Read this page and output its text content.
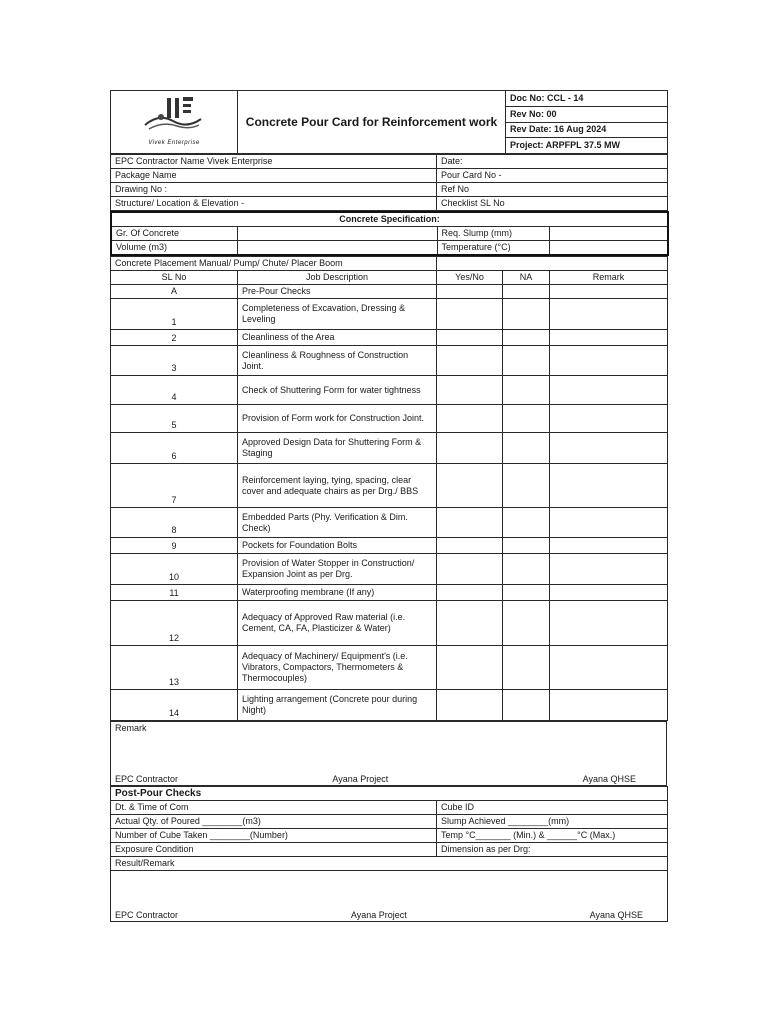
Vivek Enterprise
	Concrete Pour Card for Reinforcement work	Doc No: CCL - 14
Rev No: 00
Rev Date: 16 Aug 2024
Project: ARPFPL 37.5 MW
EPC Contractor Name Vivek Enterprise	Date:
Package Name	Pour Card No -
Drawing No :	Ref No
Structure/ Location & Elevation -	Checklist SL No
Concrete Specification:			
Gr. Of Concrete		Req. Slump (mm)	
Volume (m3)		Temperature (°C)	
Concrete Placement Manual/ Pump/ Chute/ Placer Boom				
SL No	Job Description	Yes/No	NA	Remark
A	Pre-Pour Checks			
1	Completeness of Excavation, Dressing & Leveling			
2	Cleanliness of the Area			
3	Cleanliness & Roughness of Construction Joint.			
4	Check of Shuttering Form for water tightness			
5	Provision of Form work for Construction Joint.			
6	Approved Design Data for Shuttering Form & Staging			
7	Reinforcement laying, tying, spacing, clear cover and adequate chairs as per Drg./ BBS			
8	Embedded Parts (Phy. Verification & Dim. Check)			
9	Pockets for Foundation Bolts			
10	Provision of Water Stopper in Construction/ Expansion Joint as per Drg.			
11	Waterproofing membrane (If any)			
12	Adequacy of Approved Raw material (i.e. Cement, CA, FA, Plasticizer & Water)			
13	Adequacy of Machinery/ Equipment's (i.e. Vibrators, Compactors, Thermometers & Thermocouples)			
14	Lighting arrangement (Concrete pour during Night)			
Remark

EPC Contractor	Ayana Project	Ayana QHSE
Post-Pour Checks	
Dt. & Time of Com	Cube ID
Actual Qty. of Poured ________(m3)	Slump Achieved ________(mm)
Number of Cube Taken ________(Number)	Temp °C_______ (Min.) & ______°C (Max.)
Exposure Condition	Dimension as per Drg:
Result/Remark	

EPC Contractor Ayana Project Ayana QHSE	
